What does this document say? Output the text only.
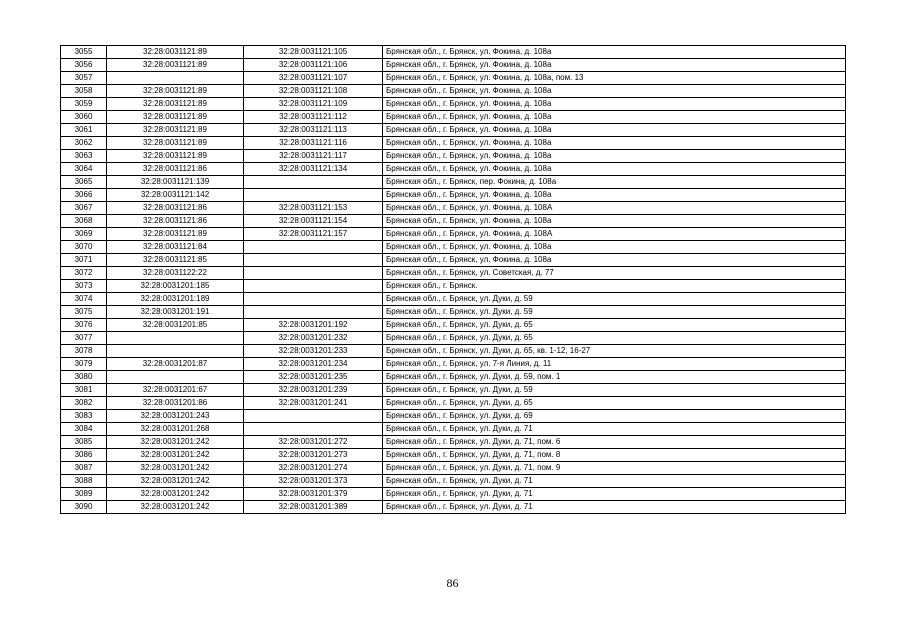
3055	32:28:0031121:89	32:28:0031121:105	Брянская обл., г. Брянск, ул. Фокина, д. 108а
3056	32:28:0031121:89	32:28:0031121:106	Брянская обл., г. Брянск, ул. Фокина, д. 108а
3057		32:28:0031121:107	Брянская обл., г. Брянск, ул. Фокина, д. 108а, пом. 13
3058	32:28:0031121:89	32:28:0031121:108	Брянская обл., г. Брянск, ул. Фокина, д. 108а
3059	32:28:0031121:89	32:28:0031121:109	Брянская обл., г. Брянск, ул. Фокина, д. 108а
3060	32:28:0031121:89	32:28:0031121:112	Брянская обл., г. Брянск, ул. Фокина, д. 108а
3061	32:28:0031121:89	32:28:0031121:113	Брянская обл., г. Брянск, ул. Фокина, д. 108а
3062	32:28:0031121:89	32:28:0031121:116	Брянская обл., г. Брянск, ул. Фокина, д. 108а
3063	32:28:0031121:89	32:28:0031121:117	Брянская обл., г. Брянск, ул. Фокина, д. 108а
3064	32:28:0031121:86	32:28:0031121:134	Брянская обл., г. Брянск, ул. Фокина, д. 108а
3065	32:28:0031121:139		Брянская обл., г. Брянск, пер. Фокина, д. 108а
3066	32:28:0031121:142		Брянская обл., г. Брянск, ул. Фокина, д. 108а
3067	32:28:0031121:86	32:28:0031121:153	Брянская обл., г. Брянск, ул. Фокина, д. 108А
3068	32:28:0031121:86	32:28:0031121:154	Брянская обл., г. Брянск, ул. Фокина, д. 108а
3069	32:28:0031121:89	32:28:0031121:157	Брянская обл., г. Брянск, ул. Фокина, д. 108А
3070	32:28:0031121:84		Брянская обл., г. Брянск, ул. Фокина, д. 108а
3071	32:28:0031121:85		Брянская обл., г. Брянск, ул. Фокина, д. 108а
3072	32:28:0031122:22		Брянская обл., г. Брянск, ул. Советская, д. 77
3073	32:28:0031201:185		Брянская обл., г. Брянск.
3074	32:28:0031201:189		Брянская обл., г. Брянск, ул. Дуки, д. 59
3075	32:28:0031201:191		Брянская обл., г. Брянск, ул. Дуки, д. 59
3076	32:28:0031201:85	32:28:0031201:192	Брянская обл., г. Брянск, ул. Дуки, д. 65
3077		32:28:0031201:232	Брянская обл., г. Брянск, ул. Дуки, д. 65
3078		32:28:0031201:233	Брянская обл., г. Брянск, ул. Дуки, д. 65, кв. 1-12, 16-27
3079	32:28:0031201:87	32:28:0031201:234	Брянская обл., г. Брянск, ул. 7-я Линия, д. 11
3080		32:28:0031201:235	Брянская обл., г. Брянск, ул. Дуки, д. 59, пом. 1
3081	32:28:0031201:67	32:28:0031201:239	Брянская обл., г. Брянск, ул. Дуки, д. 59
3082	32:28:0031201:86	32:28:0031201:241	Брянская обл., г. Брянск, ул. Дуки, д. 65
3083	32:28:0031201:243		Брянская обл., г. Брянск, ул. Дуки, д. 69
3084	32:28:0031201:268		Брянская обл., г. Брянск, ул. Дуки, д. 71
3085	32:28:0031201:242	32:28:0031201:272	Брянская обл., г. Брянск, ул. Дуки, д. 71, пом. 6
3086	32:28:0031201:242	32:28:0031201:273	Брянская обл., г. Брянск, ул. Дуки, д. 71, пом. 8
3087	32:28:0031201:242	32:28:0031201:274	Брянская обл., г. Брянск, ул. Дуки, д. 71, пом. 9
3088	32:28:0031201:242	32:28:0031201:373	Брянская обл., г. Брянск, ул. Дуки, д. 71
3089	32:28:0031201:242	32:28:0031201:379	Брянская обл., г. Брянск, ул. Дуки, д. 71
3090	32:28:0031201:242	32:28:0031201:389	Брянская обл., г. Брянск, ул. Дуки, д. 71
86
